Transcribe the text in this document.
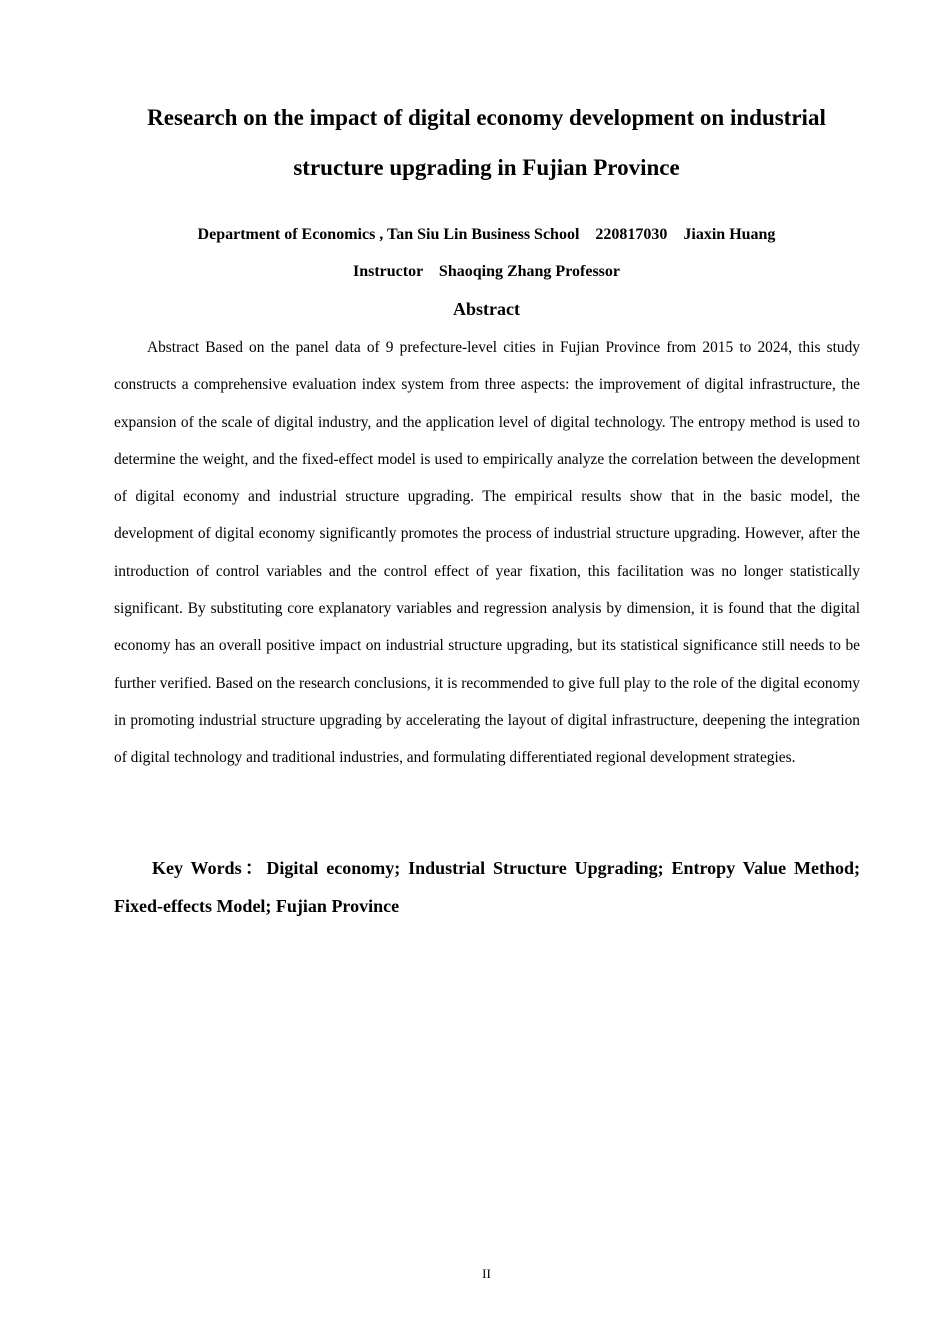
Research on the impact of digital economy development on industrial structure upgrading in Fujian Province
Department of Economics , Tan Siu Lin Business School    220817030    Jiaxin Huang
Instructor    Shaoqing Zhang Professor
Abstract

Abstract Based on the panel data of 9 prefecture-level cities in Fujian Province from 2015 to 2024, this study constructs a comprehensive evaluation index system from three aspects: the improvement of digital infrastructure, the expansion of the scale of digital industry, and the application level of digital technology. The entropy method is used to determine the weight, and the fixed-effect model is used to empirically analyze the correlation between the development of digital economy and industrial structure upgrading. The empirical results show that in the basic model, the development of digital economy significantly promotes the process of industrial structure upgrading. However, after the introduction of control variables and the control effect of year fixation, this facilitation was no longer statistically significant. By substituting core explanatory variables and regression analysis by dimension, it is found that the digital economy has an overall positive impact on industrial structure upgrading, but its statistical significance still needs to be further verified. Based on the research conclusions, it is recommended to give full play to the role of the digital economy in promoting industrial structure upgrading by accelerating the layout of digital infrastructure, deepening the integration of digital technology and traditional industries, and formulating differentiated regional development strategies.

Key Words：Digital economy; Industrial Structure Upgrading; Entropy Value Method; Fixed-effects Model; Fujian Province

II
